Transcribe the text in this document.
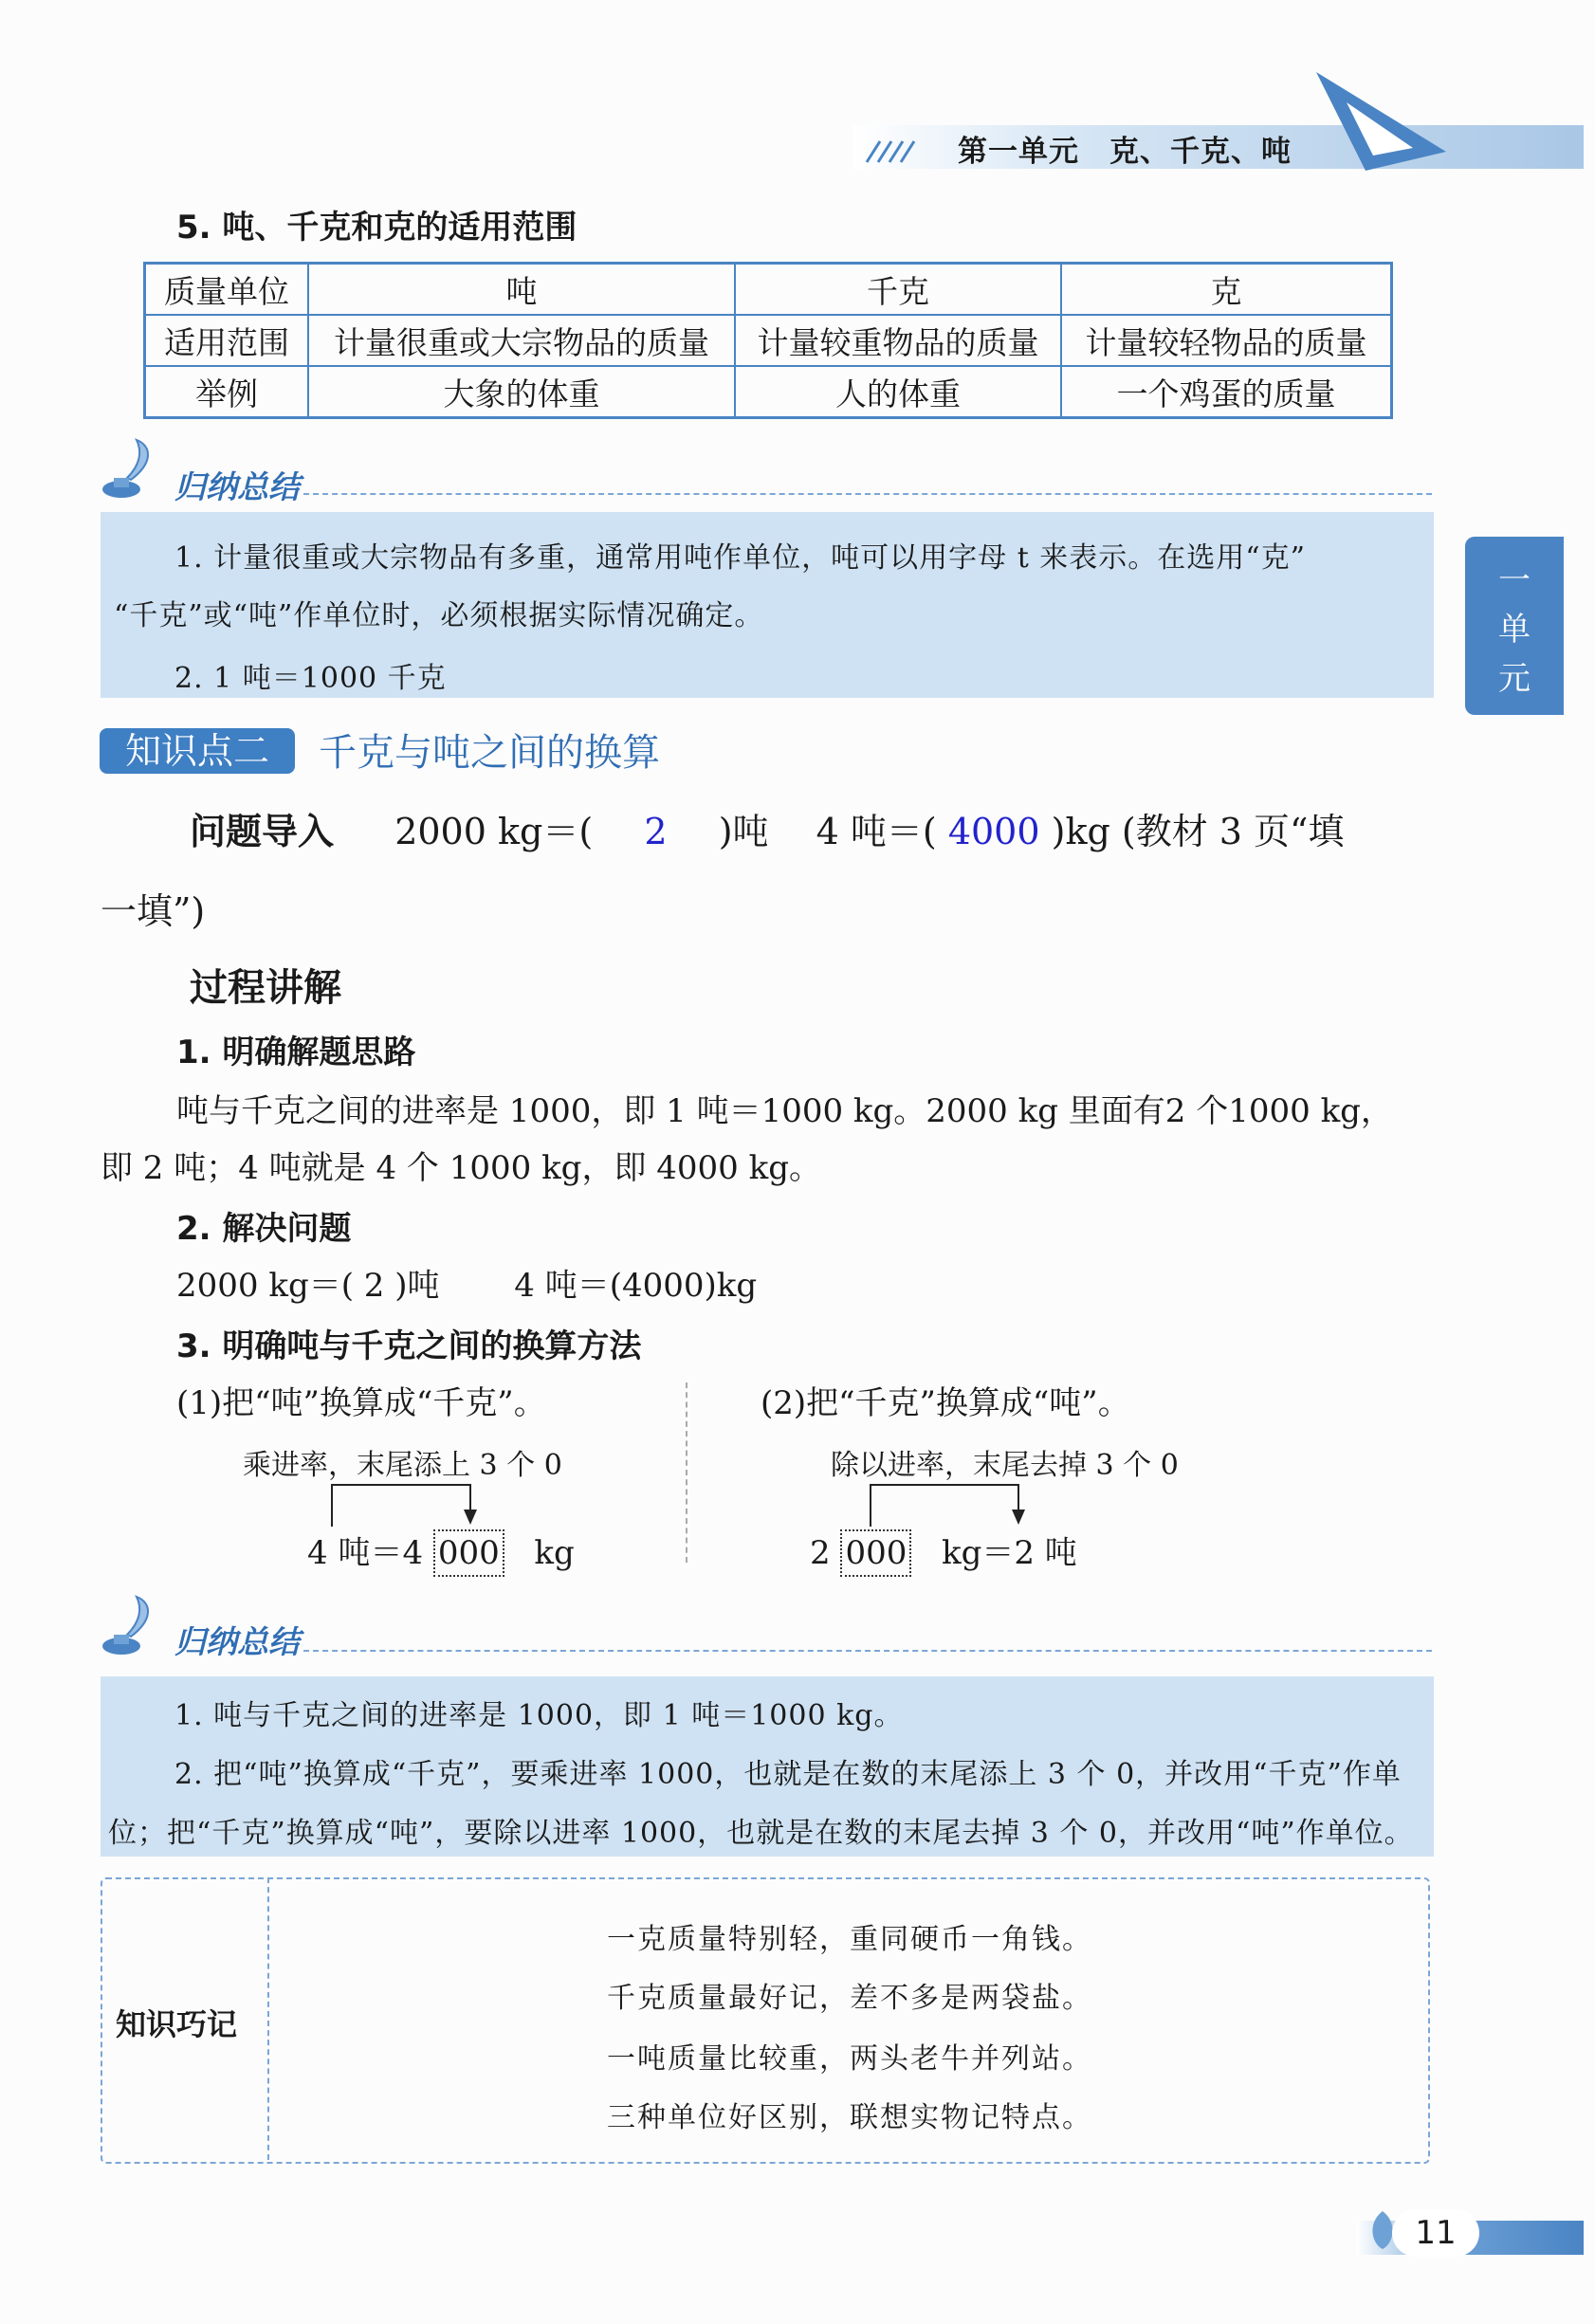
第一单元　克、千克、吨
一
单
元
5. 吨、千克和克的适用范围
质量单位	吨	千克	克
适用范围	计量很重或大宗物品的质量	计量较重物品的质量	计量较轻物品的质量
举例	大象的体重	人的体重	一个鸡蛋的质量
归纳总结
1. 计量很重或大宗物品有多重，通常用吨作单位，吨可以用字母 t 来表示。在选用“克”
“千克”或“吨”作单位时，必须根据实际情况确定。
2. 1 吨＝1000 千克
知识点二	千克与吨之间的换算
问题导入 2000 kg＝( 2 )吨　 4 吨＝( 4000 )kg (教材 3 页“填
一填”)
过程讲解
1. 明确解题思路
吨与千克之间的进率是 1000，即 1 吨＝1000 kg。2000 kg 里面有2 个1000 kg，
即 2 吨；4 吨就是 4 个 1000 kg，即 4000 kg。
2. 解决问题
2000 kg＝( 2 )吨　　 4 吨＝(4000)kg
3. 明确吨与千克之间的换算方法
(1)把“吨”换算成“千克”。
乘进率，末尾添上 3 个 0
4 吨＝4 000 kg
(2)把“千克”换算成“吨”。
除以进率，末尾去掉 3 个 0
2 000 kg＝2 吨
归纳总结
1. 吨与千克之间的进率是 1000，即 1 吨＝1000 kg。
2. 把“吨”换算成“千克”，要乘进率 1000，也就是在数的末尾添上 3 个 0，并改用“千克”作单
位；把“千克”换算成“吨”，要除以进率 1000，也就是在数的末尾去掉 3 个 0，并改用“吨”作单位。
知识巧记
一克质量特别轻，重同硬币一角钱。
千克质量最好记，差不多是两袋盐。
一吨质量比较重，两头老牛并列站。
三种单位好区别，联想实物记特点。
11
